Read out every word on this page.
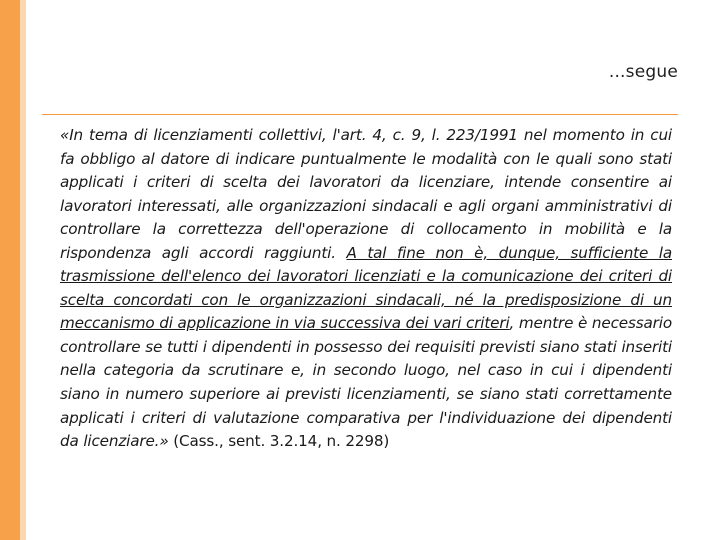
...segue
«In tema di licenziamenti collettivi, l'art. 4, c. 9, l. 223/1991 nel momento in cui fa obbligo al datore di indicare puntualmente le modalità con le quali sono stati applicati i criteri di scelta dei lavoratori da licenziare, intende consentire ai lavoratori interessati, alle organizzazioni sindacali e agli organi amministrativi di controllare la correttezza dell'operazione di collocamento in mobilità e la rispondenza agli accordi raggiunti. A tal fine non è, dunque, sufficiente la trasmissione dell'elenco dei lavoratori licenziati e la comunicazione dei criteri di scelta concordati con le organizzazioni sindacali, né la predisposizione di un meccanismo di applicazione in via successiva dei vari criteri, mentre è necessario controllare se tutti i dipendenti in possesso dei requisiti previsti siano stati inseriti nella categoria da scrutinare e, in secondo luogo, nel caso in cui i dipendenti siano in numero superiore ai previsti licenziamenti, se siano stati correttamente applicati i criteri di valutazione comparativa per l'individuazione dei dipendenti da licenziare.» (Cass., sent. 3.2.14, n. 2298)
